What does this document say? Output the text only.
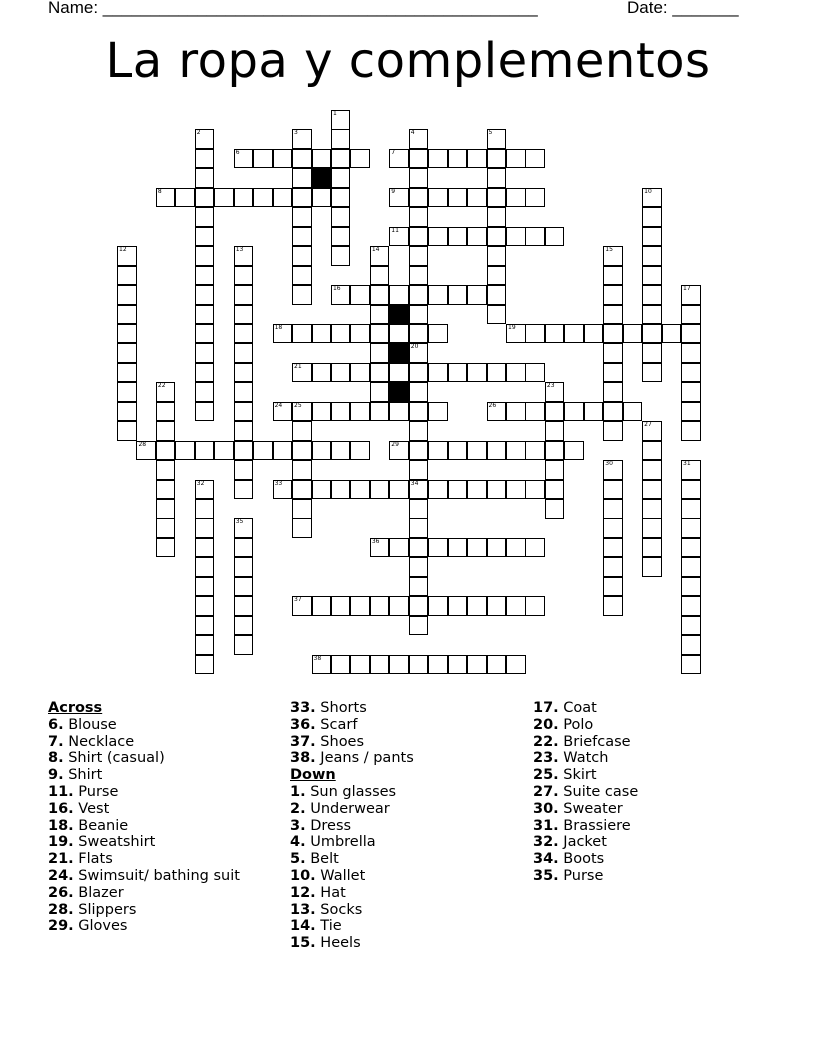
Name: ______________________________________________	Date: _______
La ropa y complementos
1
2	3	4	5
6	7
8	9	10
11
12	13	14	15
16	17
18	19
20
34
21
22	23
24 25	26
27
28	29
30	31
32	33
35
36
37
38
Across
6. Blouse
7. Necklace
8. Shirt (casual)
9. Shirt
11. Purse
16. Vest
18. Beanie
19. Sweatshirt
21. Flats
24. Swimsuit/ bathing suit
26. Blazer
28. Slippers
29. Gloves
33. Shorts
36. Scarf
37. Shoes
38. Jeans / pants
Down
1. Sun glasses
2. Underwear
3. Dress
4. Umbrella
5. Belt
10. Wallet
12. Hat
13. Socks
14. Tie
15. Heels
17. Coat
20. Polo
22. Briefcase
23. Watch
25. Skirt
27. Suite case
30. Sweater
31. Brassiere
32. Jacket
34. Boots
35. Purse
